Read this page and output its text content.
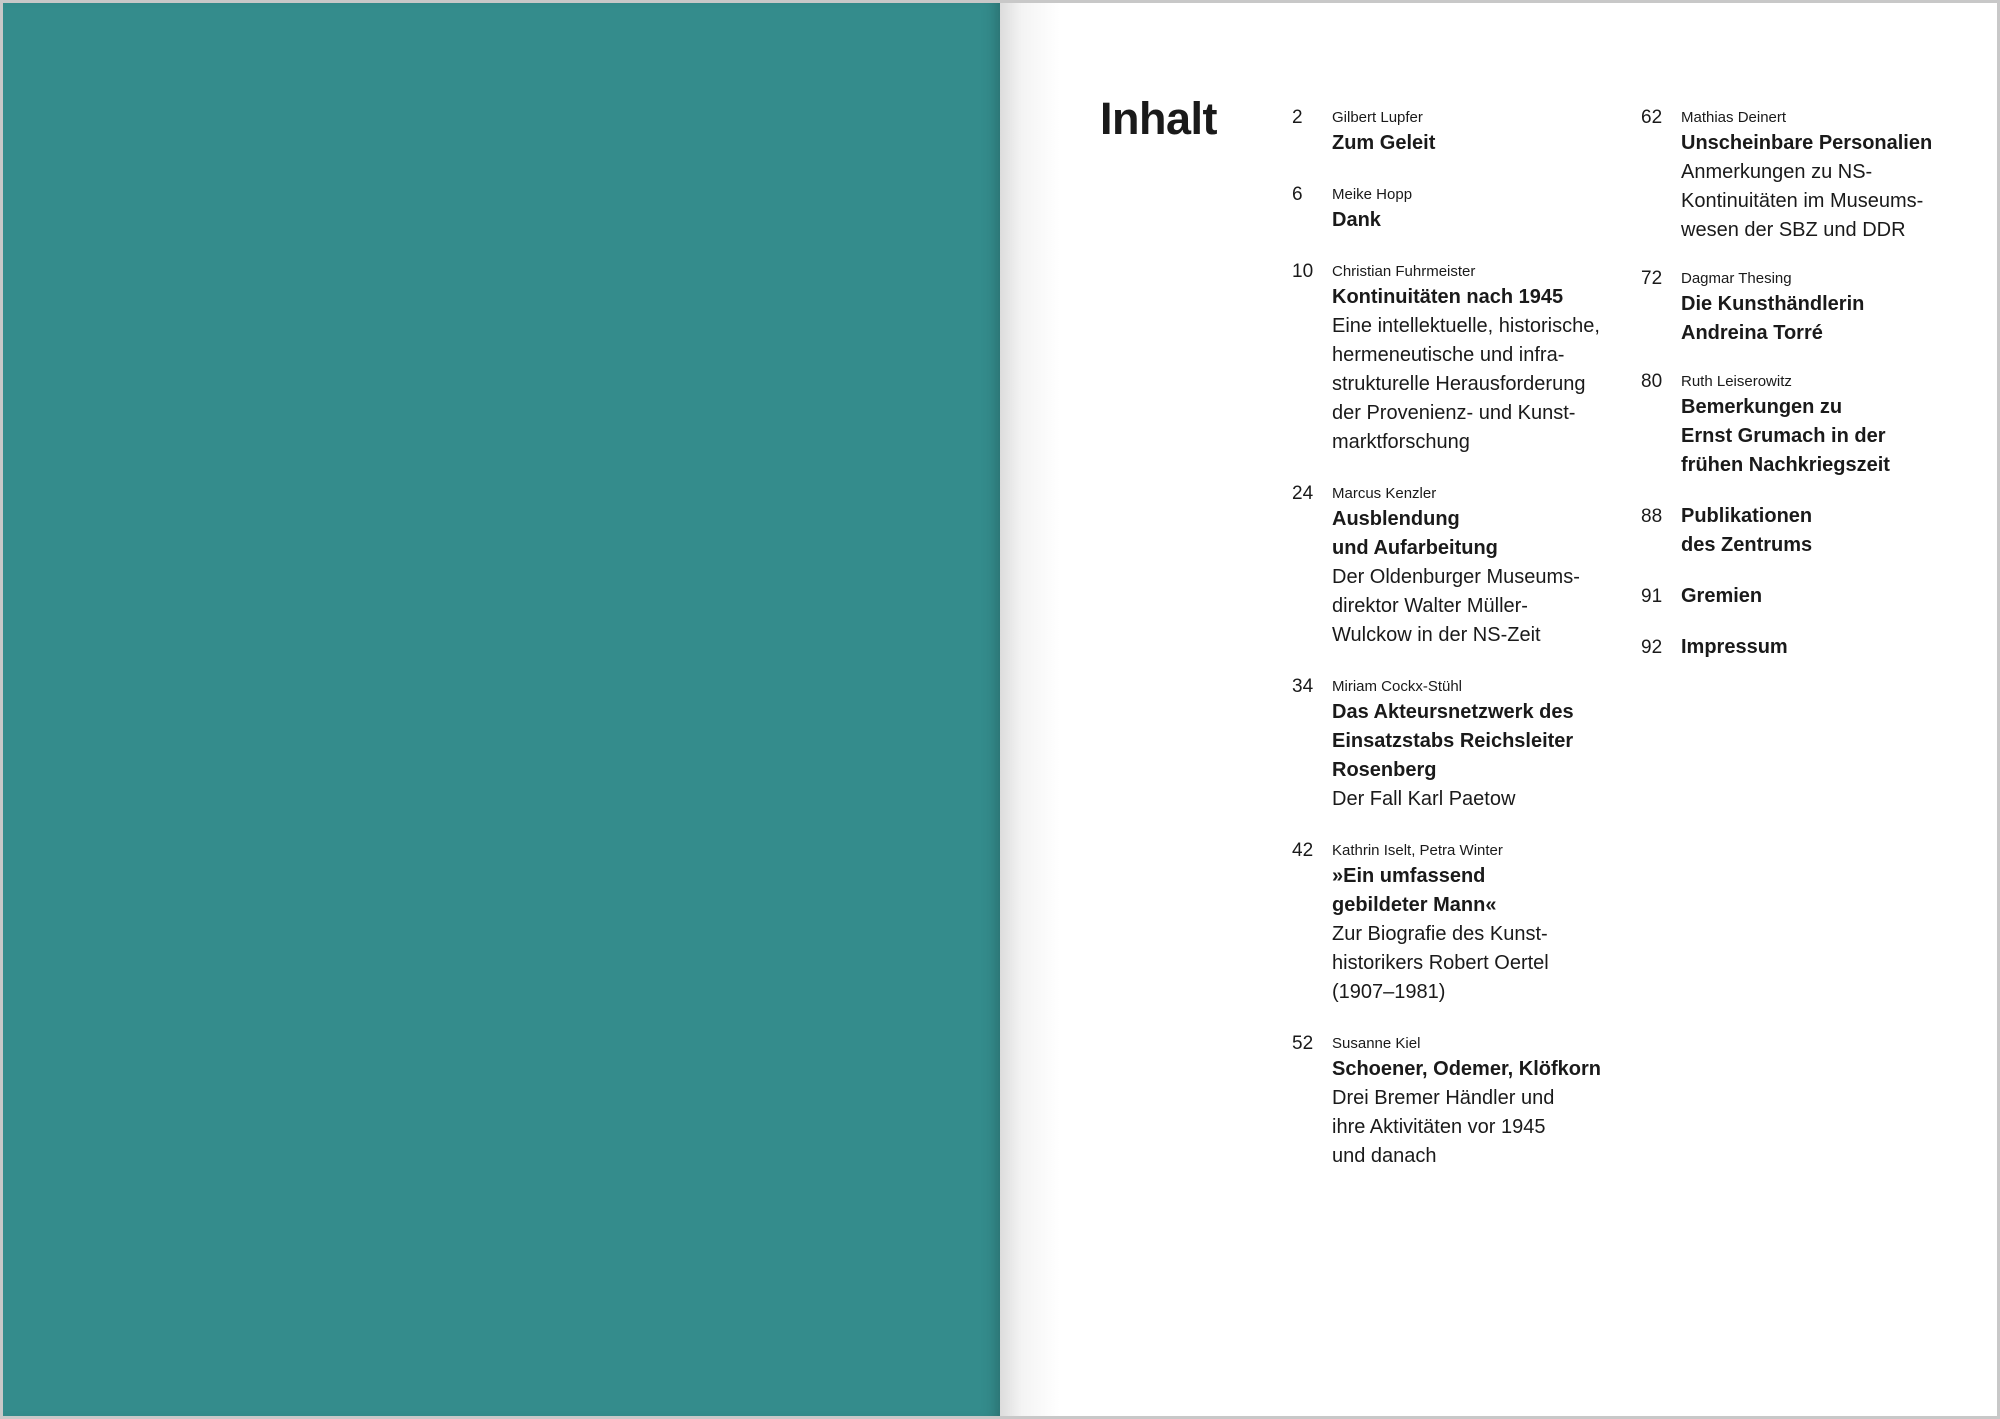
Inhalt	2 Gilbert Lupfer
Zum Geleit
6 Meike Hopp
Dank
10 Christian Fuhrmeister
Kontinuitäten nach 1945
Eine intellektuelle, historische,
hermeneutische und infra-
strukturelle Herausforderung
der Provenienz- und Kunst-
marktforschung
24 Marcus Kenzler
Ausblendung
und Aufarbeitung
Der Oldenburger Museums-
direktor Walter Müller-
Wulckow in der NS-Zeit
34 Miriam Cockx-Stühl
Das Akteursnetzwerk des
Einsatzstabs Reichsleiter
Rosenberg
Der Fall Karl Paetow
42 Kathrin Iselt, Petra Winter
»Ein umfassend
gebildeter Mann«
Zur Biografie des Kunst-
historikers Robert Oertel
(1907–1981)
52 Susanne Kiel
Schoener, Odemer, Klöfkorn
Drei Bremer Händler und
ihre Aktivitäten vor 1945
und danach
62 Mathias Deinert
Unscheinbare Personalien
Anmerkungen zu NS-
Kontinuitäten im Museums-
wesen der SBZ und DDR
72 Dagmar Thesing
Die Kunsthändlerin
Andreina Torré
80 Ruth Leiserowitz
Bemerkungen zu
Ernst Grumach in der
frühen Nachkriegszeit
88 Publikationen
des Zentrums
91 Gremien
92 Impressum
